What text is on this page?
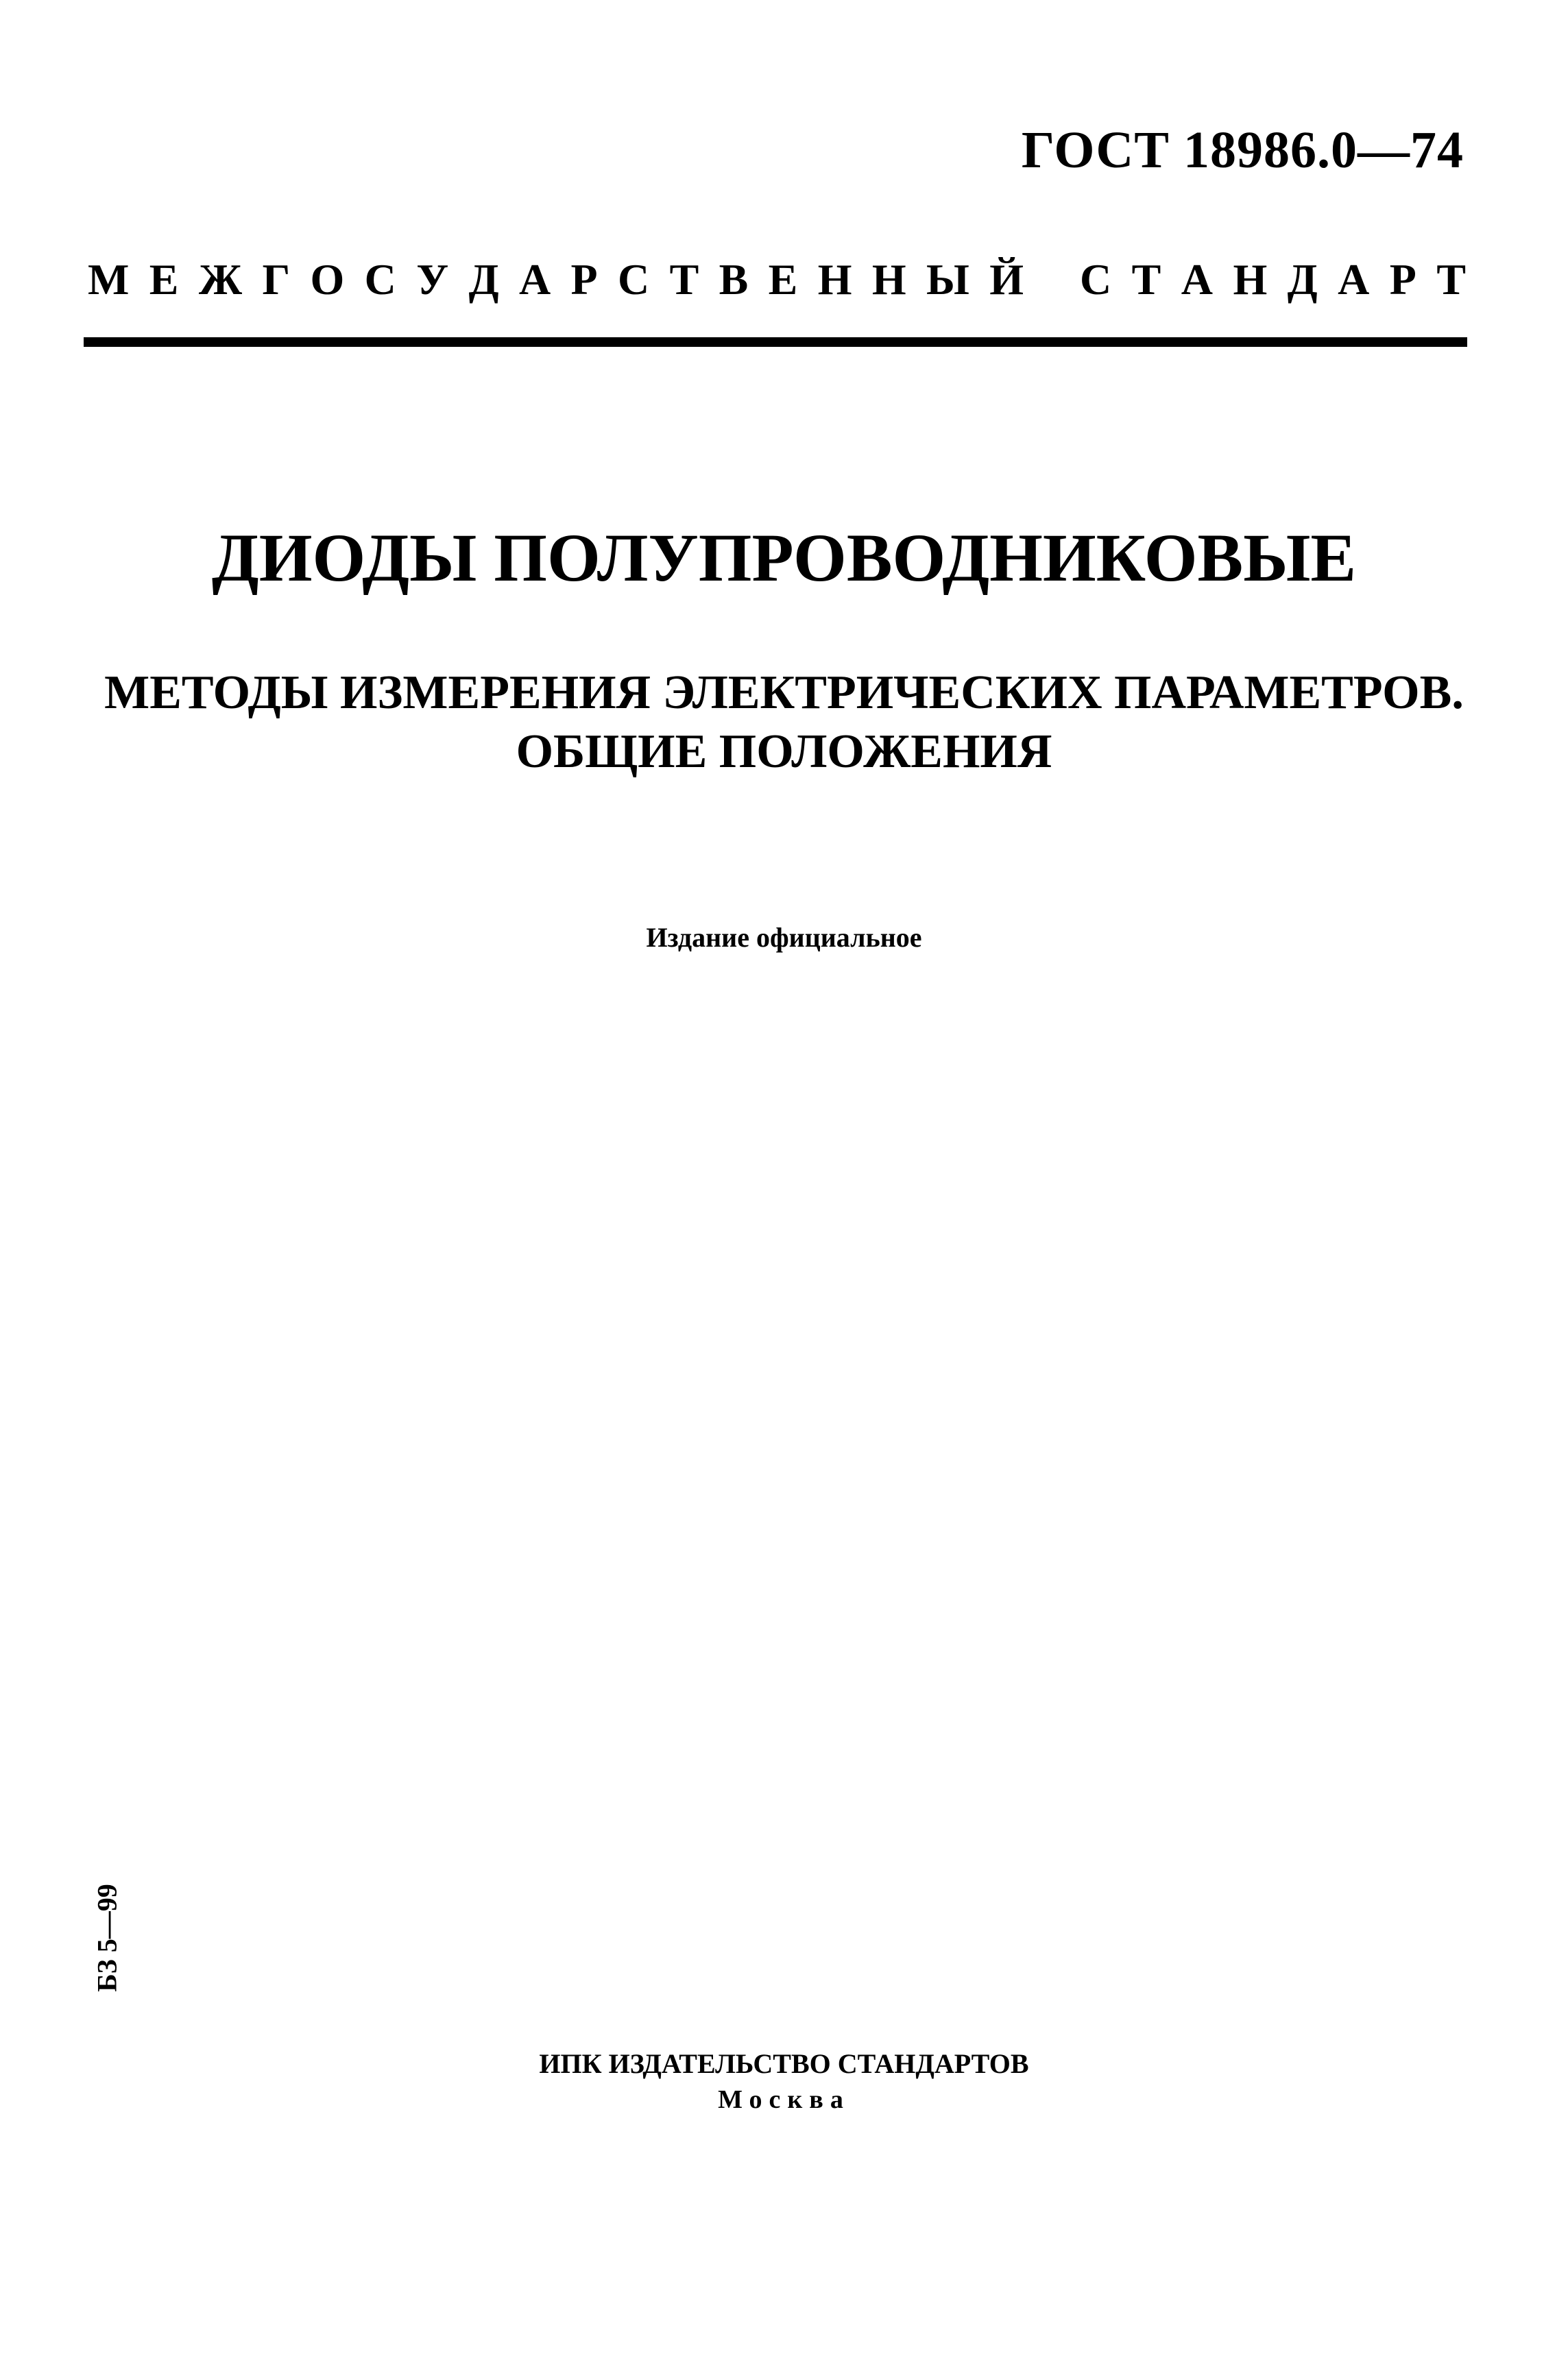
ГОСТ 18986.0—74
М Е Ж Г О С У Д А Р С Т В Е Н Н Ы Й С Т А Н Д А Р Т
ДИОДЫ ПОЛУПРОВОДНИКОВЫЕ
МЕТОДЫ ИЗМЕРЕНИЯ ЭЛЕКТРИЧЕСКИХ ПАРАМЕТРОВ.
ОБЩИЕ ПОЛОЖЕНИЯ
Издание официальное
БЗ 5—99
ИПК ИЗДАТЕЛЬСТВО СТАНДАРТОВ
Москва
